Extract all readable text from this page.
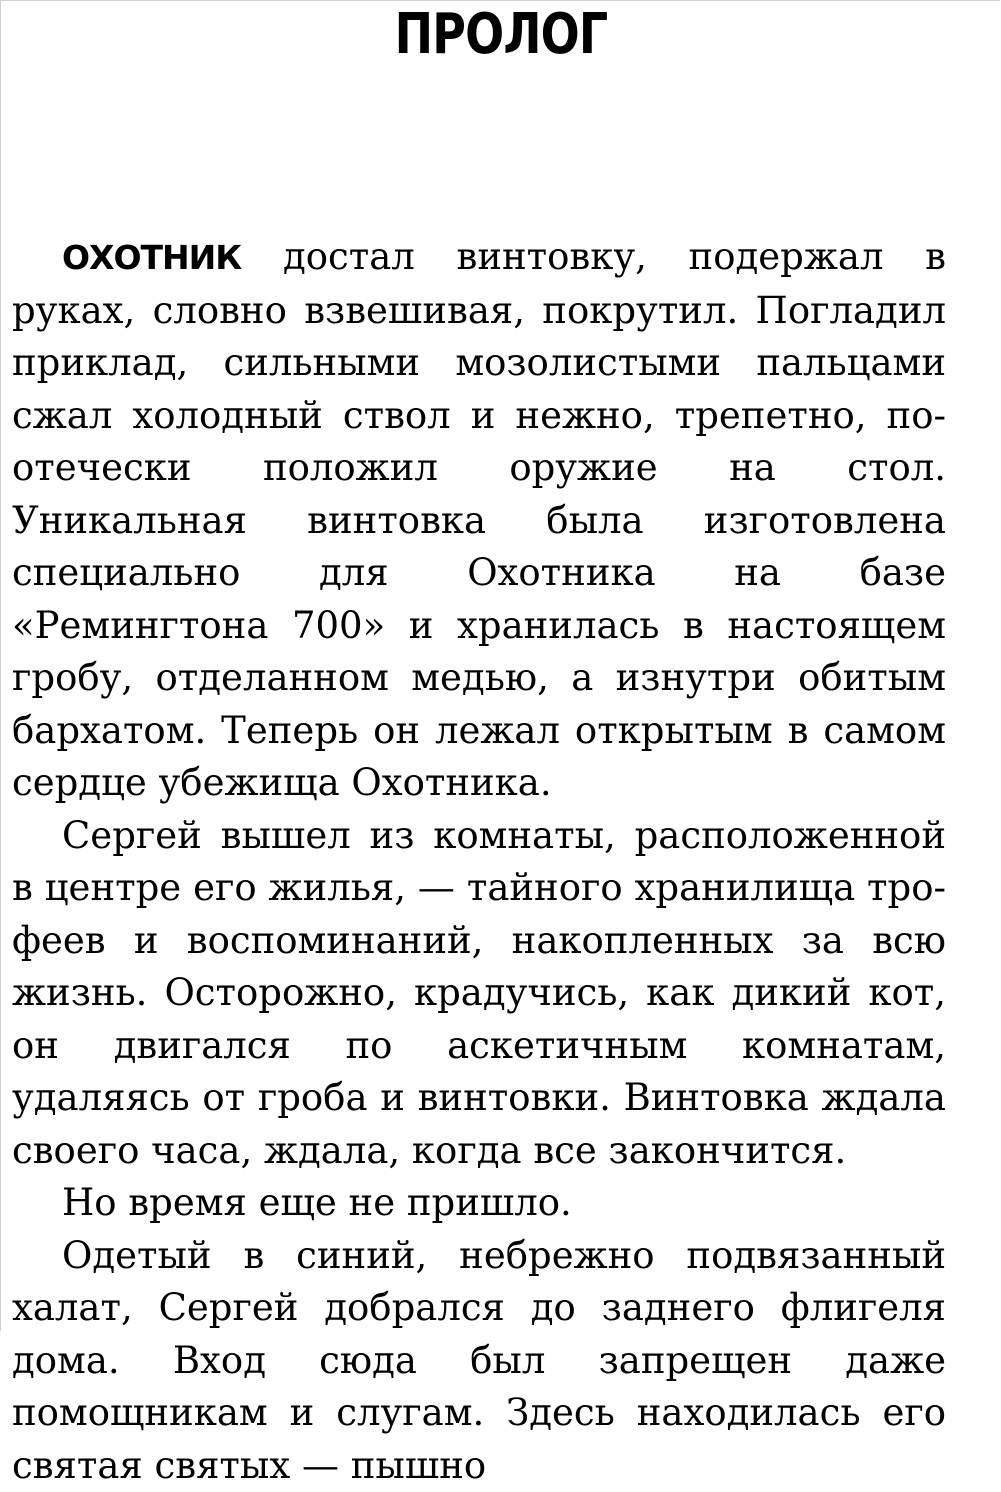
ПРОЛОГ

ОХОТНИК достал винтовку, подержал в руках, словно взвешивая, покрутил. Погладил приклад, сильными мозолистыми пальцами сжал холодный ствол и нежно, трепетно, по-отечески положил оружие на стол. Уникальная винтовка была изготовлена специально для Охотника на базе «Ремингтона 700» и хранилась в настоящем гробу, отделанном медью, а изнутри обитым бархатом. Теперь он лежал открытым в самом сердце убежища Охотника.

Сергей вышел из комнаты, расположенной в центре его жилья, — тайного хранилища трофеев и воспоминаний, накопленных за всю жизнь. Осторожно, крадучись, как дикий кот, он двигался по аскетичным комнатам, удаляясь от гроба и винтовки. Винтовка ждала своего часа, ждала, когда все закончится.

Но время еще не пришло.

Одетый в синий, небрежно подвязанный халат, Сергей добрался до заднего флигеля дома. Вход сюда был запрещен даже помощникам и слугам. Здесь находилась его святая святых — пышно
